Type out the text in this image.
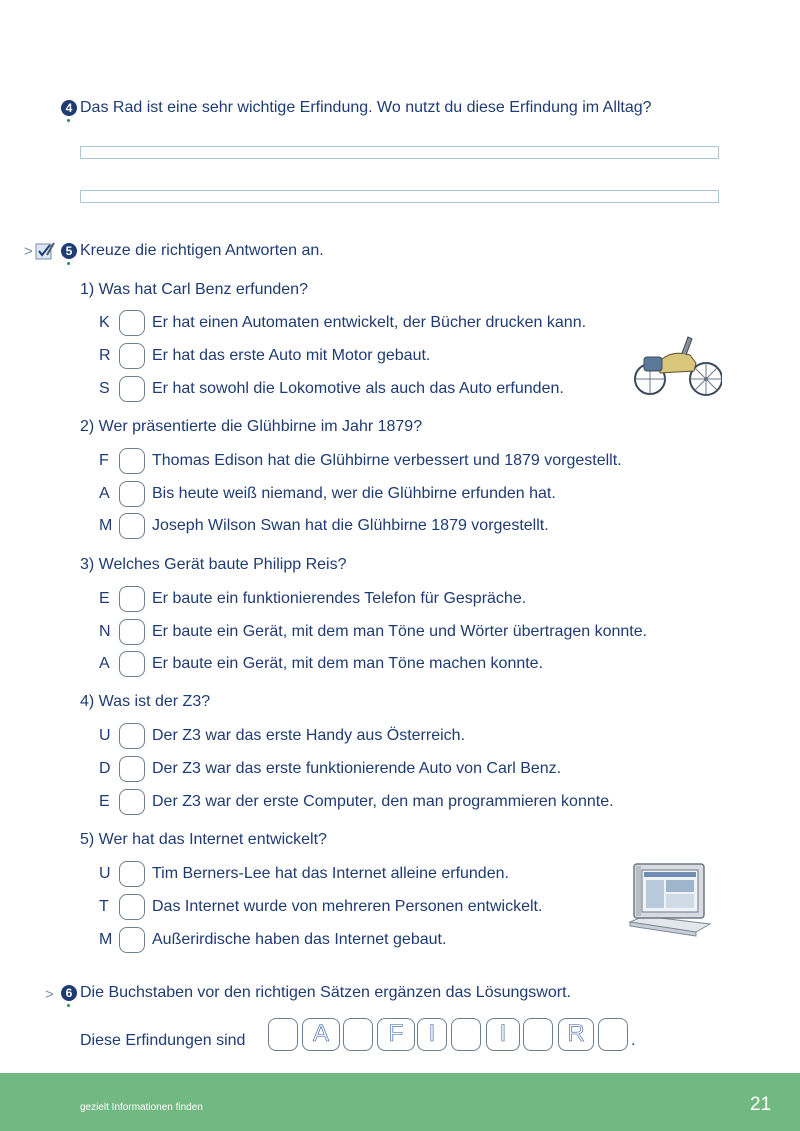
4 Das Rad ist eine sehr wichtige Erfindung. Wo nutzt du diese Erfindung im Alltag?
>	5 Kreuze die richtigen Antworten an.
1) Was hat Carl Benz erfunden?
K	Er hat einen Automaten entwickelt, der Bücher drucken kann.
R	Er hat das erste Auto mit Motor gebaut.
S	Er hat sowohl die Lokomotive als auch das Auto erfunden.
2) Wer präsentierte die Glühbirne im Jahr 1879?
F	Thomas Edison hat die Glühbirne verbessert und 1879 vorgestellt.
A	Bis heute weiß niemand, wer die Glühbirne erfunden hat.
M Joseph Wilson Swan hat die Glühbirne 1879 vorgestellt.
3) Welches Gerät baute Philipp Reis?
E	Er baute ein funktionierendes Telefon für Gespräche.
N	Er baute ein Gerät, mit dem man Töne und Wörter übertragen konnte.
A	Er baute ein Gerät, mit dem man Töne machen konnte.
4) Was ist der Z3?
U	Der Z3 war das erste Handy aus Österreich.
D	Der Z3 war das erste funktionierende Auto von Carl Benz.
E	Der Z3 war der erste Computer, den man programmieren konnte.
5) Wer hat das Internet entwickelt?
U	Tim Berners-Lee hat das Internet alleine erfunden.
T	Das Internet wurde von mehreren Personen entwickelt.
M Außerirdische haben das Internet gebaut.
> 6 Die Buchstaben vor den richtigen Sätzen ergänzen das Lösungswort.
Diese Erfindungen sind	A	F	I	I	R	.
gezielt Informationen finden	21
